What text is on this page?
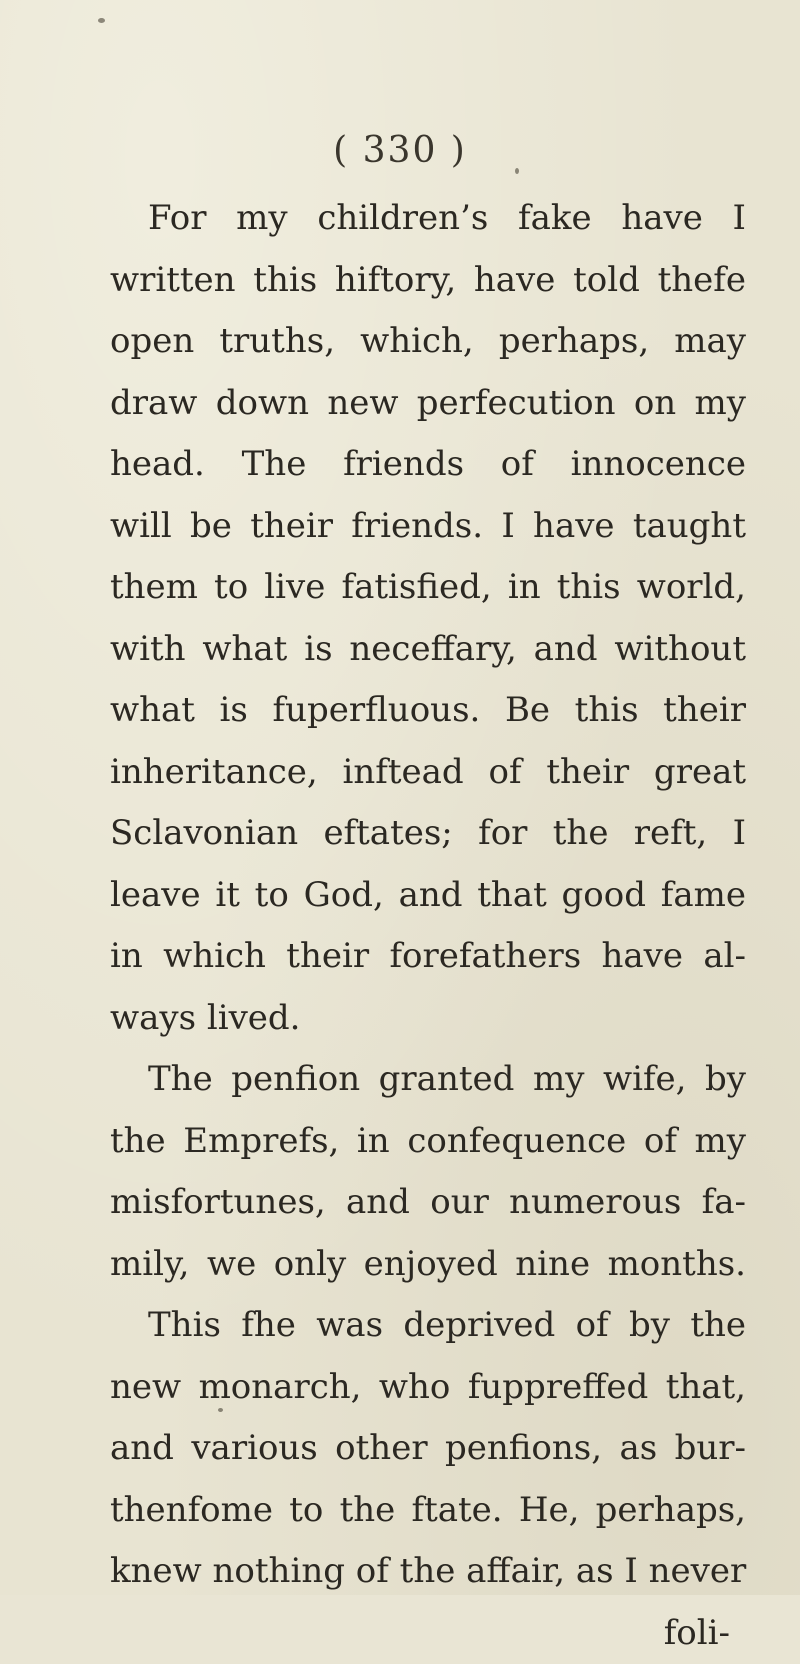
( 330 )
For my children’s fake have I
written this hiftory, have told thefe
open truths, which, perhaps, may
draw down new perfecution on my
head. The friends of innocence
will be their friends. I have taught
them to live fatisfied, in this world,
with what is neceffary, and without
what is fuperfluous. Be this their
inheritance, inftead of their great
Sclavonian eftates; for the reft, I
leave it to God, and that good fame
in which their forefathers have al-
ways lived.
The penfion granted my wife, by
the Emprefs, in confequence of my
misfortunes, and our numerous fa-
mily, we only enjoyed nine months.
This fhe was deprived of by the
new monarch, who fuppreffed that,
and various other penfions, as bur-
thenfome to the ftate. He, perhaps,
knew nothing of the affair, as I never
foli-
